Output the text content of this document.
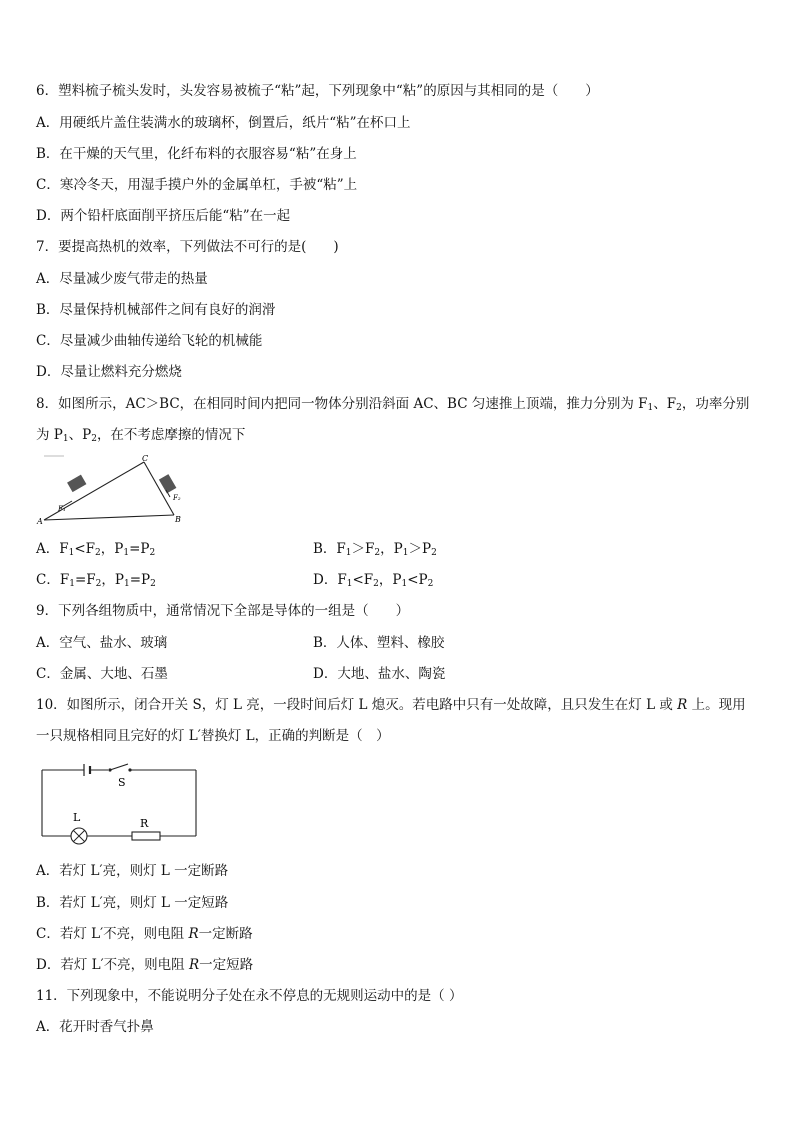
6．塑料梳子梳头发时，头发容易被梳子“粘”起，下列现象中“粘”的原因与其相同的是（　　）
A．用硬纸片盖住装满水的玻璃杯，倒置后，纸片“粘”在杯口上
B．在干燥的天气里，化纤布料的衣服容易“粘”在身上
C．寒冷冬天，用湿手摸户外的金属单杠，手被“粘”上
D．两个铅杆底面削平挤压后能“粘”在一起
7．要提高热机的效率，下列做法不可行的是(　　)
A．尽量减少废气带走的热量
B．尽量保持机械部件之间有良好的润滑
C．尽量减少曲轴传递给飞轮的机械能
D．尽量让燃料充分燃烧
8．如图所示，AC＞BC，在相同时间内把同一物体分别沿斜面 AC、BC 匀速推上顶端，推力分别为 $F_1$、$F_2$，功率分别
为 $P_1$、$P_2$，在不考虑摩擦的情况下
A
C
B
F₁
F₂
A．$F_1<F_2$，$P_1=P_2$	B．$F_1>F_2$，$P_1>P_2$
C．$F_1=F_2$，$P_1=P_2$	D．$F_1<F_2$，$P_1<P_2$
9．下列各组物质中，通常情况下全部是导体的一组是（　　）
A．空气、盐水、玻璃	B．人体、塑料、橡胶
C．金属、大地、石墨	D．大地、盐水、陶瓷
10．如图所示，闭合开关 S，灯 L 亮，一段时间后灯 L 熄灭。若电路中只有一处故障，且只发生在灯 L 或 R 上。现用
一只规格相同且完好的灯 L′替换灯 L，正确的判断是（　）
S
L	R
A．若灯 L′亮，则灯 L 一定断路
B．若灯 L′亮，则灯 L 一定短路
C．若灯 L′不亮，则电阻 R一定断路
D．若灯 L′不亮，则电阻 R一定短路
11．下列现象中，不能说明分子处在永不停息的无规则运动中的是（ ）
A．花开时香气扑鼻
